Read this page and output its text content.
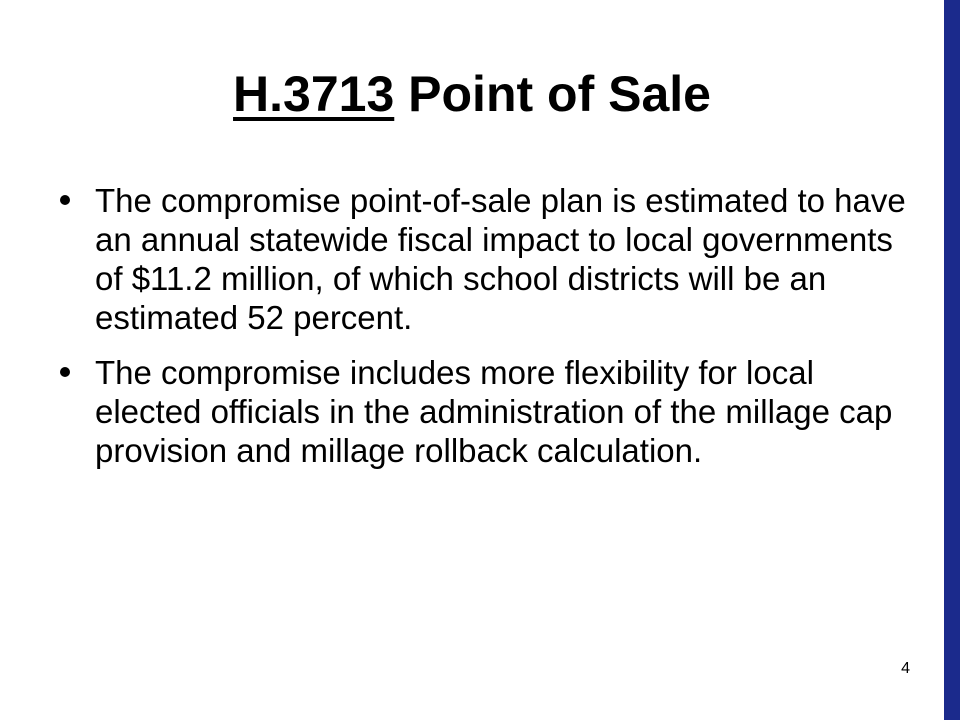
H.3713 Point of Sale
The compromise point-of-sale plan is estimated to have an annual statewide fiscal impact to local governments of $11.2 million, of which school districts will be an estimated 52 percent.
The compromise includes more flexibility for local elected officials in the administration of the millage cap provision and millage rollback calculation.
4
